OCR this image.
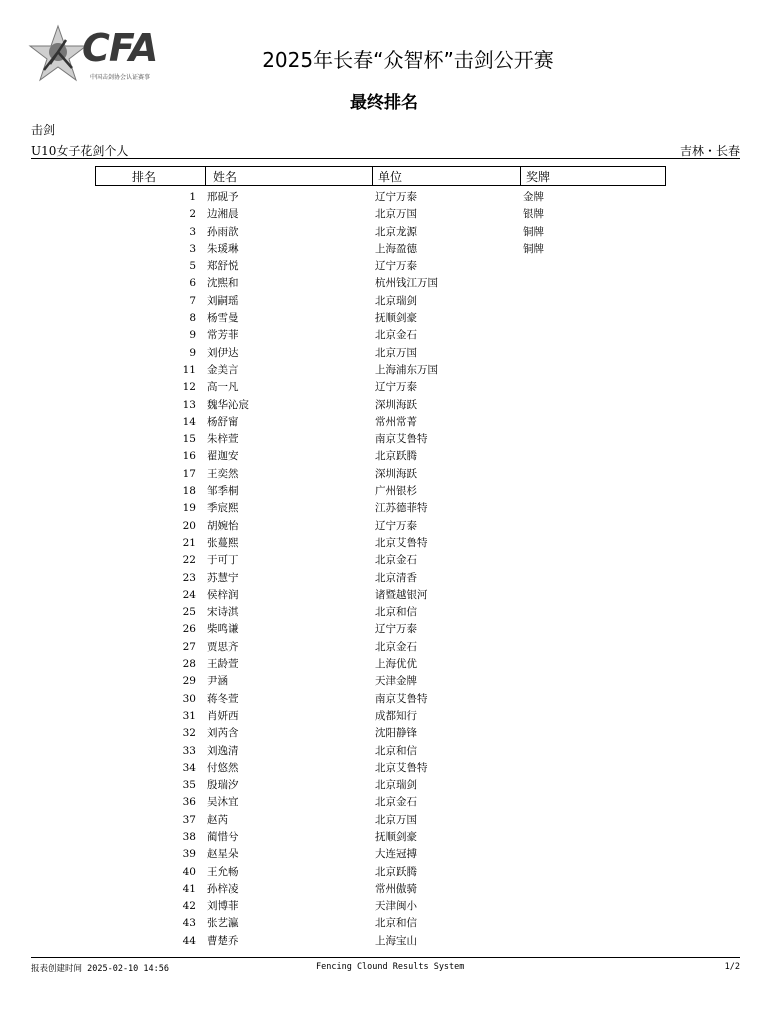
CFA
中国击剑协会认证赛事
2025年长春“众智杯”击剑公开赛
最终排名
击剑
U10女子花剑个人	吉林・长春
排名	姓名	单位	奖牌
1 邢砚予	辽宁万泰	金牌
2 边湘晨	北京万国	银牌
3 孙雨歆	北京龙源	铜牌
3 朱瑗琳	上海盈德	铜牌
5 郑舒悦	辽宁万泰
6 沈熙和	杭州钱江万国
7 刘嗣瑶	北京瑞剑
8 杨雪曼	抚顺剑豪
9 常芳菲	北京金石
9 刘伊达	北京万国
11 金美言	上海浦东万国
12 高一凡	辽宁万泰
13 魏华沁宸	深圳海跃
14 杨舒甯	常州常菁
15 朱梓萱	南京艾鲁特
16 翟迦安	北京跃腾
17 王奕然	深圳海跃
18 邹季桐	广州银杉
19 季宸熙	江苏德菲特
20 胡婉怡	辽宁万泰
21 张蔓熙	北京艾鲁特
22 于可丁	北京金石
23 苏慧宁	北京清香
24 侯梓润	诸暨越银河
25 宋诗淇	北京和信
26 柴鸣谦	辽宁万泰
27 贾思齐	北京金石
28 王龄萱	上海优优
29 尹涵	天津金牌
30 蒋冬萱	南京艾鲁特
31 肖妍西	成都知行
32 刘芮含	沈阳静锋
33 刘逸清	北京和信
34 付悠然	北京艾鲁特
35 殷瑞汐	北京瑞剑
36 吴沐宜	北京金石
37 赵芮	北京万国
38 蔺惜兮	抚顺剑豪
39 赵星朵	大连冠搏
40 王允畅	北京跃腾
41 孙梓凌	常州傲骑
42 刘博菲	天津闽小
43 张艺瀛	北京和信
44 曹楚乔	上海宝山
报表创建时间 2025-02-10 14:56	Fencing Clound Results System	1/2
